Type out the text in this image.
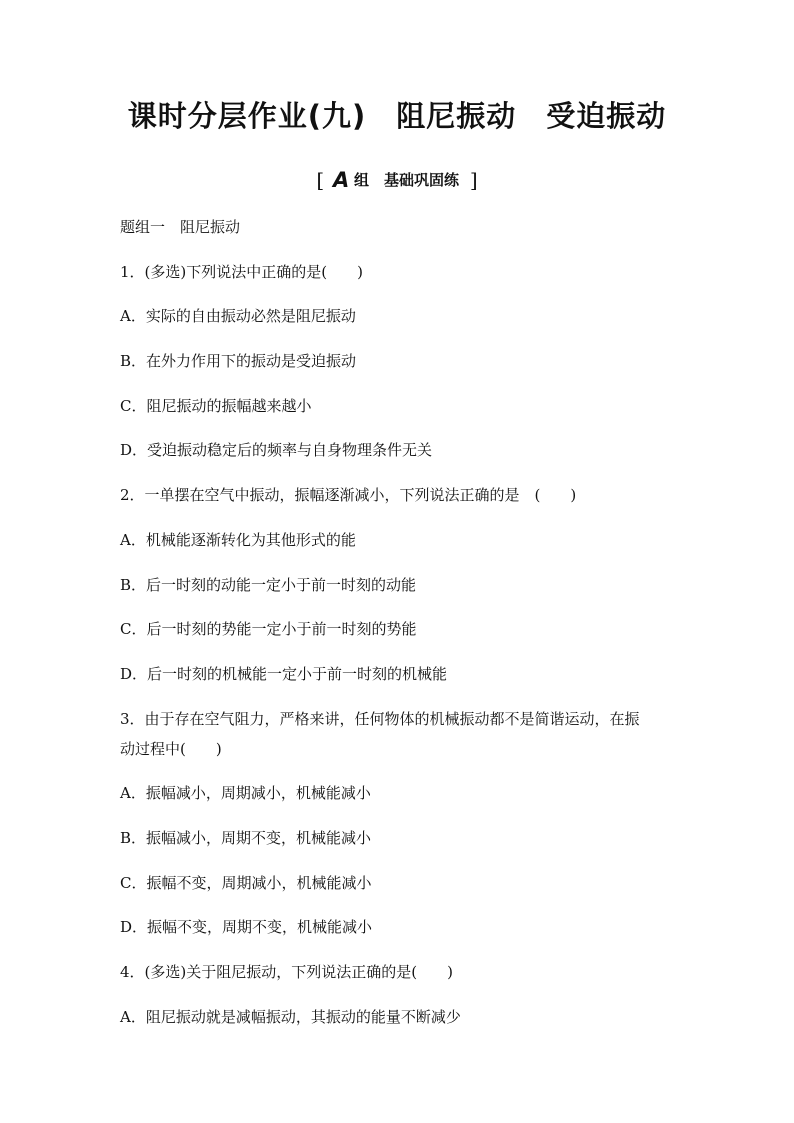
课时分层作业(九)　阻尼振动　受迫振动
[ A 组　基础巩固练 ]
题组一　阻尼振动
1．(多选)下列说法中正确的是(　　)
A．实际的自由振动必然是阻尼振动
B．在外力作用下的振动是受迫振动
C．阻尼振动的振幅越来越小
D．受迫振动稳定后的频率与自身物理条件无关
2．一单摆在空气中振动，振幅逐渐减小，下列说法正确的是　(　　)
A．机械能逐渐转化为其他形式的能
B．后一时刻的动能一定小于前一时刻的动能
C．后一时刻的势能一定小于前一时刻的势能
D．后一时刻的机械能一定小于前一时刻的机械能
3．由于存在空气阻力，严格来讲，任何物体的机械振动都不是简谐运动，在振
动过程中(　　)
A．振幅减小，周期减小，机械能减小
B．振幅减小，周期不变，机械能减小
C．振幅不变，周期减小，机械能减小
D．振幅不变，周期不变，机械能减小
4．(多选)关于阻尼振动，下列说法正确的是(　　)
A．阻尼振动就是减幅振动，其振动的能量不断减少
